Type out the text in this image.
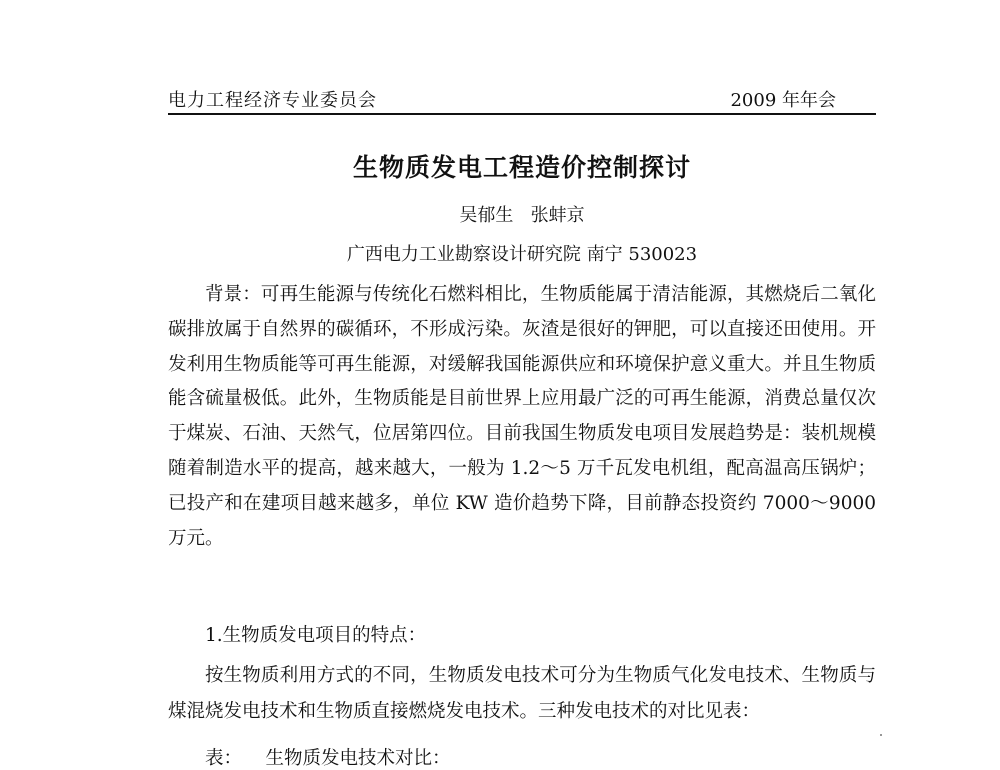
电力工程经济专业委员会	2009 年年会
生物质发电工程造价控制探讨
吴郁生   张蚌京
广西电力工业勘察设计研究院 南宁 530023

背景：可再生能源与传统化石燃料相比，生物质能属于清洁能源，其燃烧后二氧化碳排放属于自然界的碳循环，不形成污染。灰渣是很好的钾肥，可以直接还田使用。开发利用生物质能等可再生能源，对缓解我国能源供应和环境保护意义重大。并且生物质能含硫量极低。此外，生物质能是目前世界上应用最广泛的可再生能源，消费总量仅次于煤炭、石油、天然气，位居第四位。目前我国生物质发电项目发展趋势是：装机规模随着制造水平的提高，越来越大，一般为 1.2～5 万千瓦发电机组，配高温高压锅炉；已投产和在建项目越来越多，单位 KW 造价趋势下降，目前静态投资约 7000～9000 万元。

1.生物质发电项目的特点：

按生物质利用方式的不同，生物质发电技术可分为生物质气化发电技术、生物质与煤混烧发电技术和生物质直接燃烧发电技术。三种发电技术的对比见表：

表：    生物质发电技术对比：
